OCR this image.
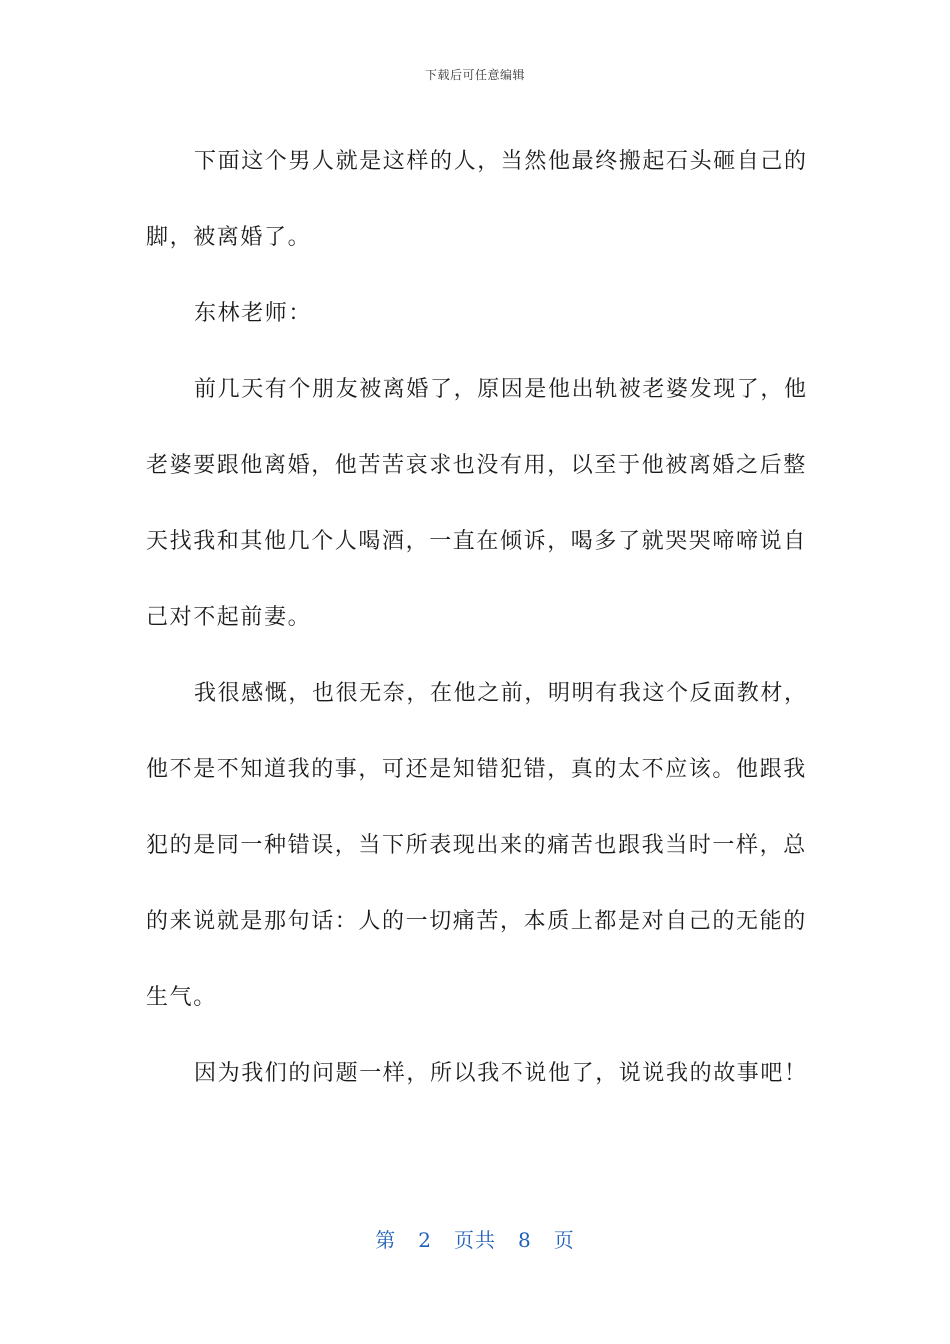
下载后可任意编辑

下面这个男人就是这样的人，当然他最终搬起石头砸自己的脚，被离婚了。

东林老师：

前几天有个朋友被离婚了，原因是他出轨被老婆发现了，他老婆要跟他离婚，他苦苦哀求也没有用，以至于他被离婚之后整天找我和其他几个人喝酒，一直在倾诉，喝多了就哭哭啼啼说自己对不起前妻。

我很感慨，也很无奈，在他之前，明明有我这个反面教材，他不是不知道我的事，可还是知错犯错，真的太不应该。他跟我犯的是同一种错误，当下所表现出来的痛苦也跟我当时一样，总的来说就是那句话：人的一切痛苦，本质上都是对自己的无能的生气。

因为我们的问题一样，所以我不说他了，说说我的故事吧！

第 2 页共 8 页
